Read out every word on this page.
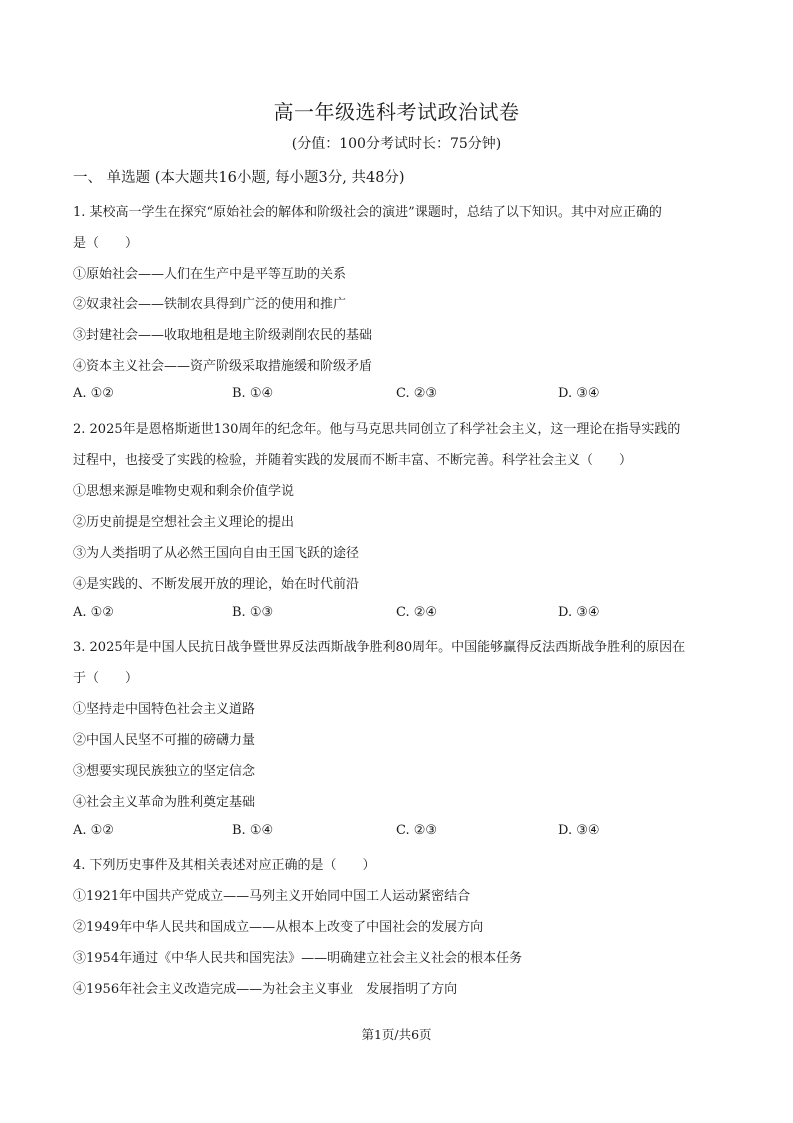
高一年级选科考试政治试卷
(分值：100分考试时长：75分钟)
一、 单选题 (本大题共16小题, 每小题3分, 共48分)
1. 某校高一学生在探究“原始社会的解体和阶级社会的演进”课题时，总结了以下知识。其中对应正确的
是（　　）
①原始社会——人们在生产中是平等互助的关系
②奴隶社会——铁制农具得到广泛的使用和推广
③封建社会——收取地租是地主阶级剥削农民的基础
④资本主义社会——资产阶级采取措施缓和阶级矛盾
A. ①②	B. ①④	C. ②③	D. ③④
2. 2025年是恩格斯逝世130周年的纪念年。他与马克思共同创立了科学社会主义，这一理论在指导实践的
过程中，也接受了实践的检验，并随着实践的发展而不断丰富、不断完善。科学社会主义（　　）
①思想来源是唯物史观和剩余价值学说
②历史前提是空想社会主义理论的提出
③为人类指明了从必然王国向自由王国飞跃的途径
④是实践的、不断发展开放的理论，始在时代前沿
A. ①②	B. ①③	C. ②④	D. ③④
3. 2025年是中国人民抗日战争暨世界反法西斯战争胜利80周年。中国能够赢得反法西斯战争胜利的原因在
于（　　）
①坚持走中国特色社会主义道路
②中国人民坚不可摧的磅礴力量
③想要实现民族独立的坚定信念
④社会主义革命为胜利奠定基础
A. ①②	B. ①④	C. ②③	D. ③④
4. 下列历史事件及其相关表述对应正确的是（　　）
①1921年中国共产党成立——马列主义开始同中国工人运动紧密结合
②1949年中华人民共和国成立——从根本上改变了中国社会的发展方向
③1954年通过《中华人民共和国宪法》——明确建立社会主义社会的根本任务
④1956年社会主义改造完成——为社会主义事业　发展指明了方向
第1页/共6页
